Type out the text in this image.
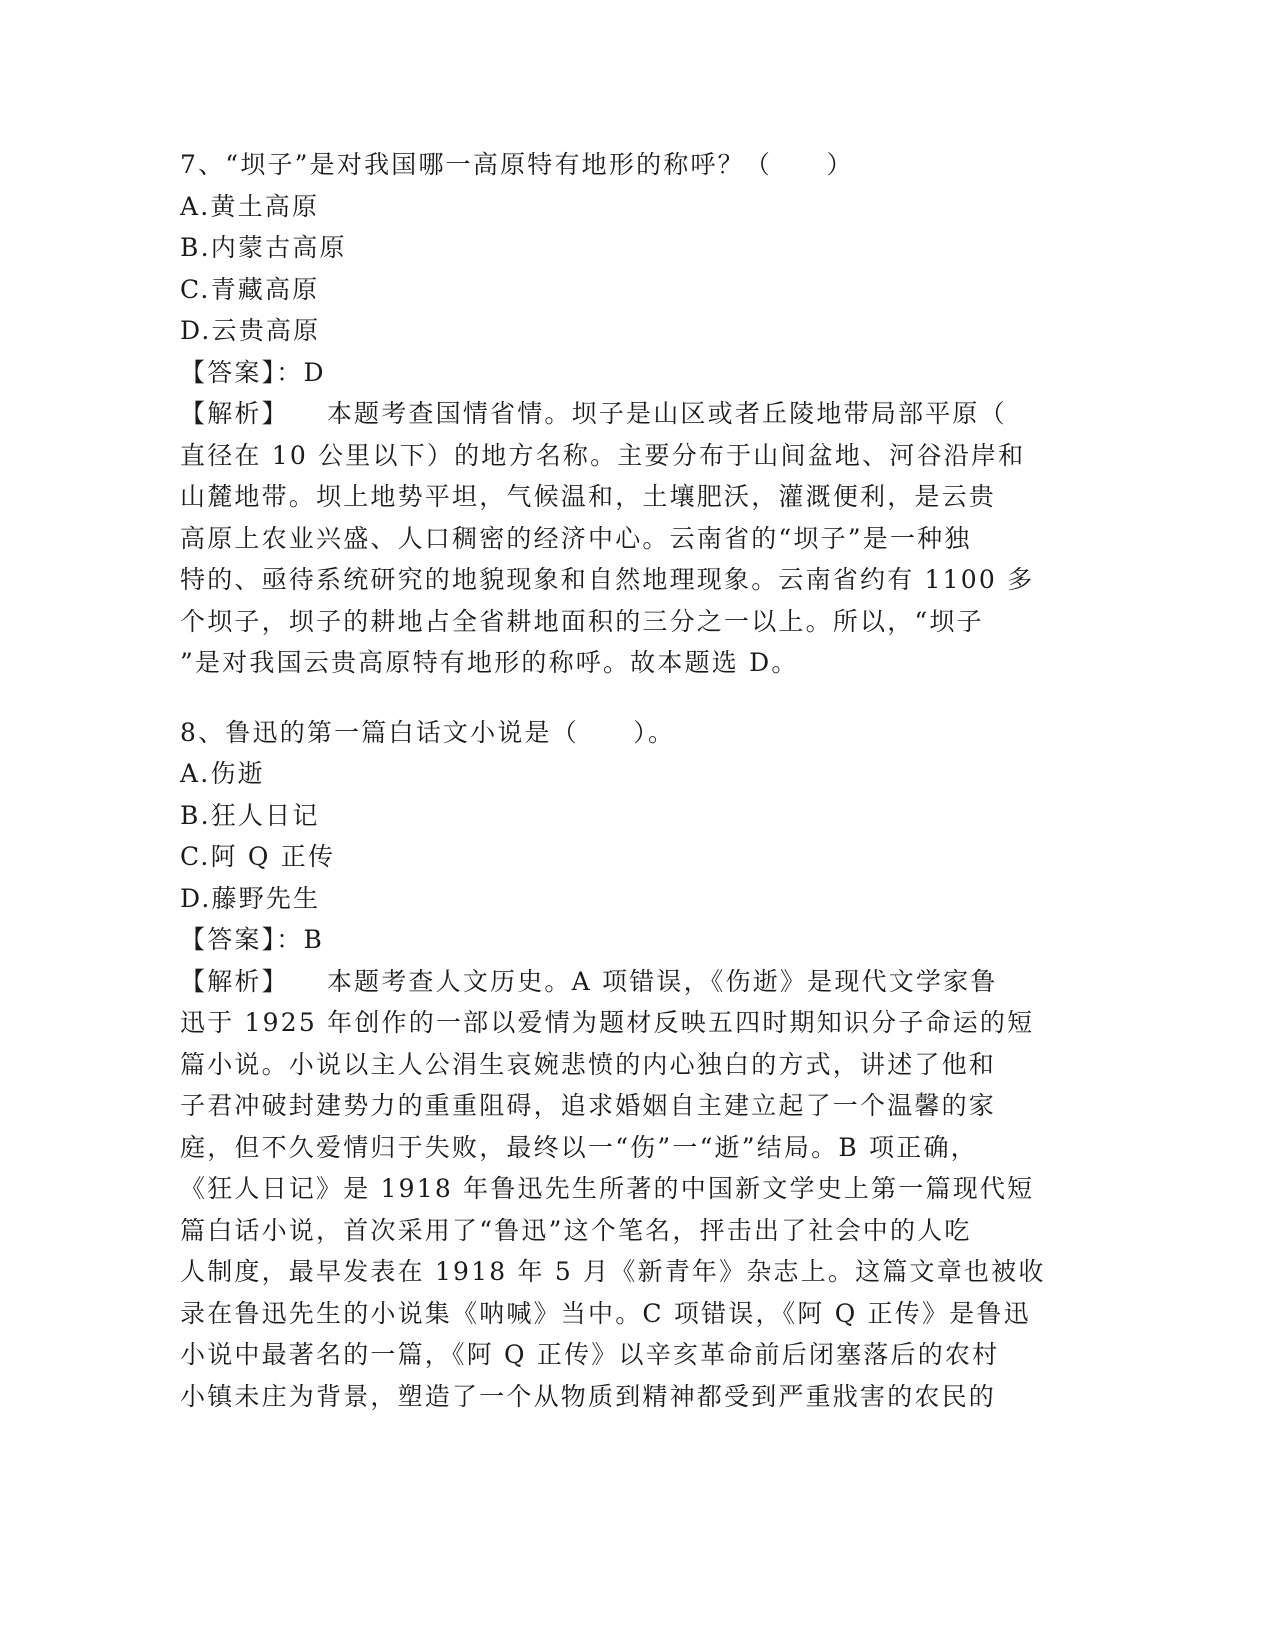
7、“坝子”是对我国哪一高原特有地形的称呼？（　　）
A.黄土高原
B.内蒙古高原
C.青藏高原
D.云贵高原
【答案】：D
【解析】 本题考查国情省情。坝子是山区或者丘陵地带局部平原（
直径在 10 公里以下）的地方名称。主要分布于山间盆地、河谷沿岸和
山麓地带。坝上地势平坦，气候温和，土壤肥沃，灌溉便利，是云贵
高原上农业兴盛、人口稠密的经济中心。云南省的“坝子”是一种独
特的、亟待系统研究的地貌现象和自然地理现象。云南省约有 1100 多
个坝子，坝子的耕地占全省耕地面积的三分之一以上。所以，“坝子
”是对我国云贵高原特有地形的称呼。故本题选 D。
8、鲁迅的第一篇白话文小说是（　　）。
A.伤逝
B.狂人日记
C.阿 Q 正传
D.藤野先生
【答案】：B
【解析】 本题考查人文历史。A 项错误，《伤逝》是现代文学家鲁
迅于 1925 年创作的一部以爱情为题材反映五四时期知识分子命运的短
篇小说。小说以主人公涓生哀婉悲愤的内心独白的方式，讲述了他和
子君冲破封建势力的重重阻碍，追求婚姻自主建立起了一个温馨的家
庭，但不久爱情归于失败，最终以一“伤”一“逝”结局。B 项正确，
《狂人日记》是 1918 年鲁迅先生所著的中国新文学史上第一篇现代短
篇白话小说，首次采用了“鲁迅”这个笔名，抨击出了社会中的人吃
人制度，最早发表在 1918 年 5 月《新青年》杂志上。这篇文章也被收
录在鲁迅先生的小说集《呐喊》当中。C 项错误，《阿 Q 正传》是鲁迅
小说中最著名的一篇，《阿 Q 正传》以辛亥革命前后闭塞落后的农村
小镇未庄为背景，塑造了一个从物质到精神都受到严重戕害的农民的
